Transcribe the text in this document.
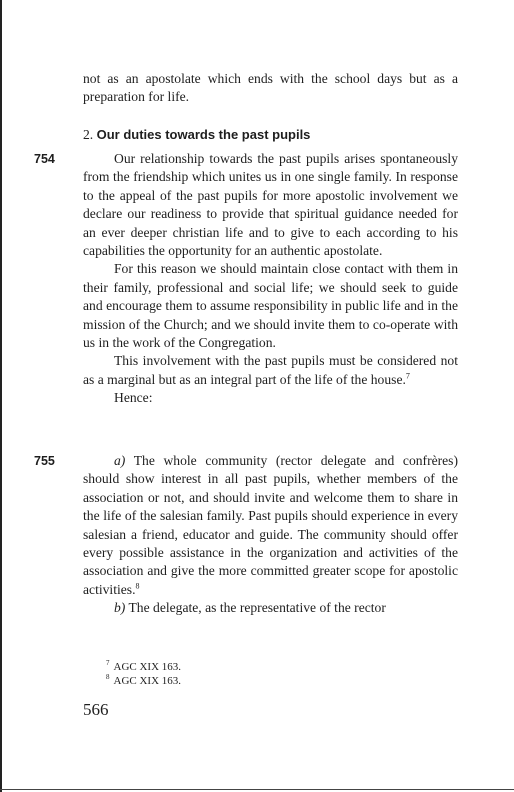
not as an apostolate which ends with the school days but as a preparation for life.

2. Our duties towards the past pupils
754	Our relationship towards the past pupils arises spontaneously from the friendship which unites us in one single family. In response to the appeal of the past pupils for more apostolic involvement we declare our readiness to provide that spiritual guidance needed for an ever deeper christian life and to give to each according to his capabilities the opportunity for an authentic apostolate.

For this reason we should maintain close contact with them in their family, professional and social life; we should seek to guide and encourage them to assume responsibility in public life and in the mission of the Church; and we should invite them to co-operate with us in the work of the Congregation.

This involvement with the past pupils must be considered not as a marginal but as an integral part of the life of the house.$^7$

Hence:

755	a) The whole community (rector delegate and confrères) should show interest in all past pupils, whether members of the association or not, and should invite and welcome them to share in the life of the salesian family. Past pupils should experience in every salesian a friend, educator and guide. The community should offer every possible assistance in the organization and activities of the association and give the more committed greater scope for apostolic activities.$^8$

b) The delegate, as the representative of the rector

$^7$ AGC XIX 163.
$^8$ AGC XIX 163.
566
